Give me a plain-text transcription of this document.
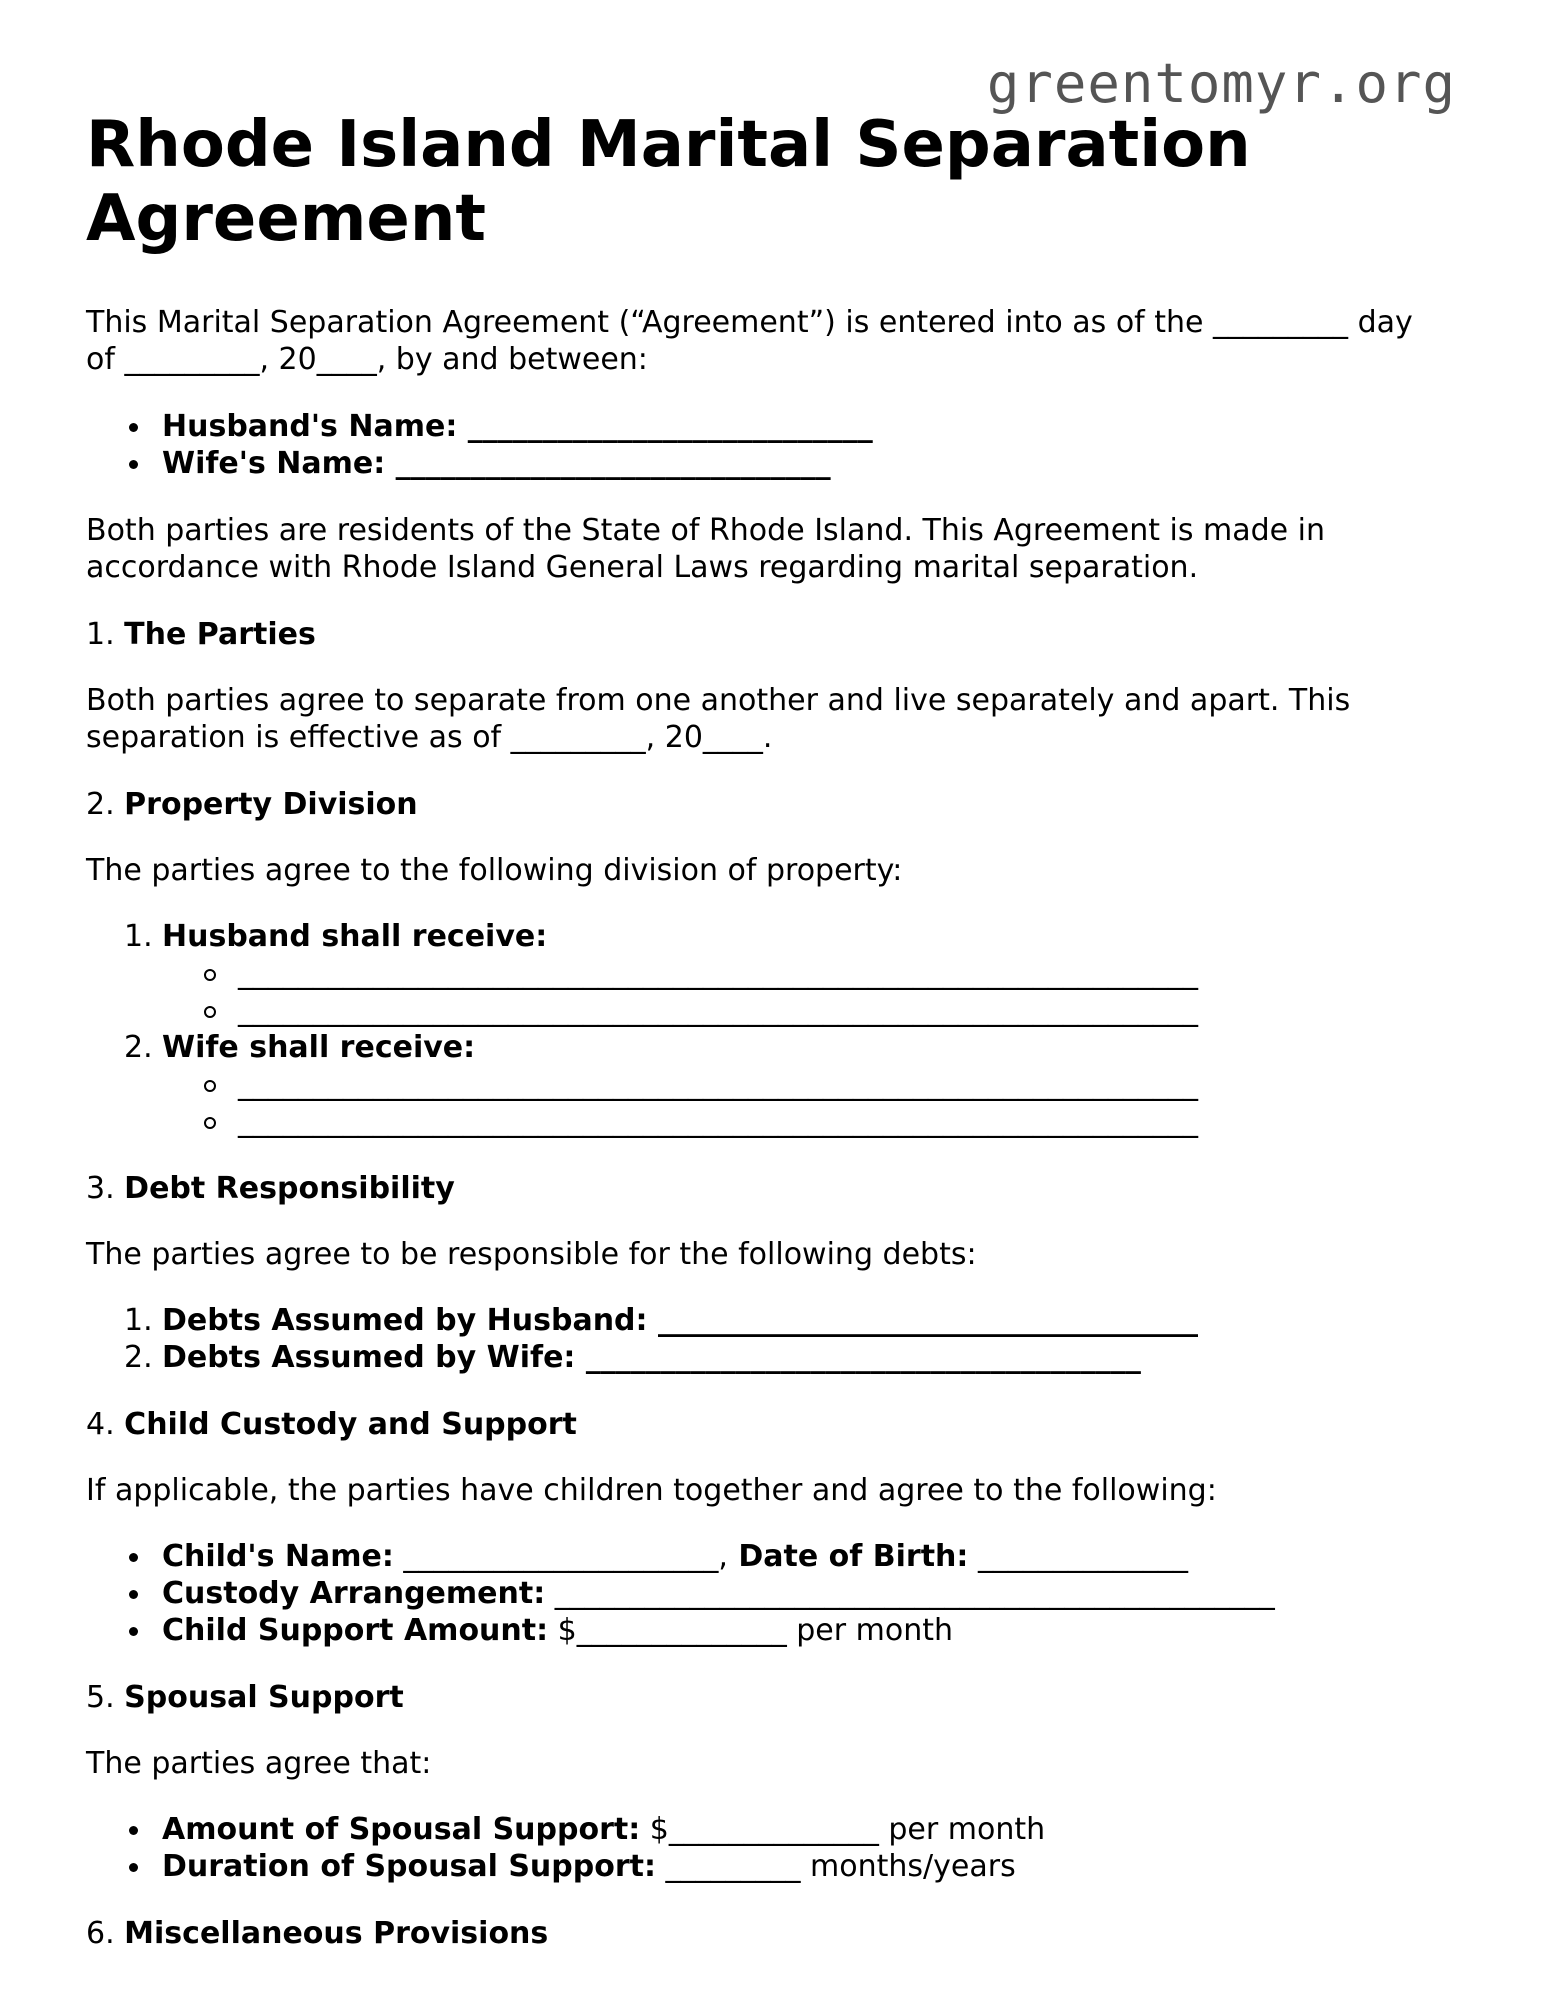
greentomyr.org
Rhode Island Marital Separation Agreement

This Marital Separation Agreement (“Agreement”) is entered into as of the _________ day
of _________, 20____, by and between:

Husband's Name: ___________________________
Wife's Name: _____________________________

Both parties are residents of the State of Rhode Island. This Agreement is made in
accordance with Rhode Island General Laws regarding marital separation.

1. The Parties

Both parties agree to separate from one another and live separately and apart. This
separation is effective as of _________, 20____.

2. Property Division

The parties agree to the following division of property:

1. Husband shall receive:
________________________________________________________________
________________________________________________________________
2. Wife shall receive:
________________________________________________________________
________________________________________________________________
3. Debt Responsibility

The parties agree to be responsible for the following debts:

1. Debts Assumed by Husband: ____________________________________
2. Debts Assumed by Wife: _____________________________________
4. Child Custody and Support

If applicable, the parties have children together and agree to the following:

Child's Name: _____________________, Date of Birth: ______________
Custody Arrangement: ________________________________________________
Child Support Amount: $______________ per month
5. Spousal Support

The parties agree that:

Amount of Spousal Support: $______________ per month
Duration of Spousal Support: _________ months/years
6. Miscellaneous Provisions
